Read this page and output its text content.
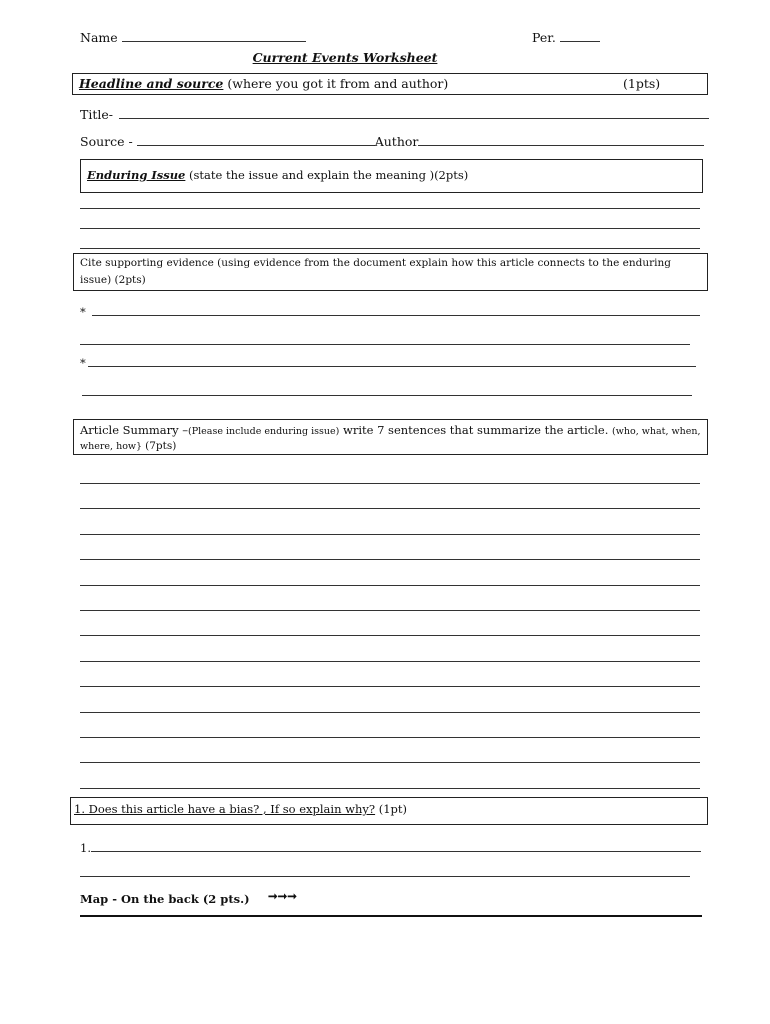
Name	Per.
Current Events Worksheet
Headline and source (where you got it from and author)	(1pts)
Title-
Source -	Author
Enduring Issue (state the issue and explain the meaning )(2pts)
Cite supporting evidence (using evidence from the document explain how this article connects to the enduring
issue) (2pts)
*
*
Article Summary –(Please include enduring issue) write 7 sentences that summarize the article. (who, what, when,
where, how} (7pts)
1. Does this article have a bias? , If so explain why? (1pt)
1.
Map - On the back (2 pts.) ➞➞➞
